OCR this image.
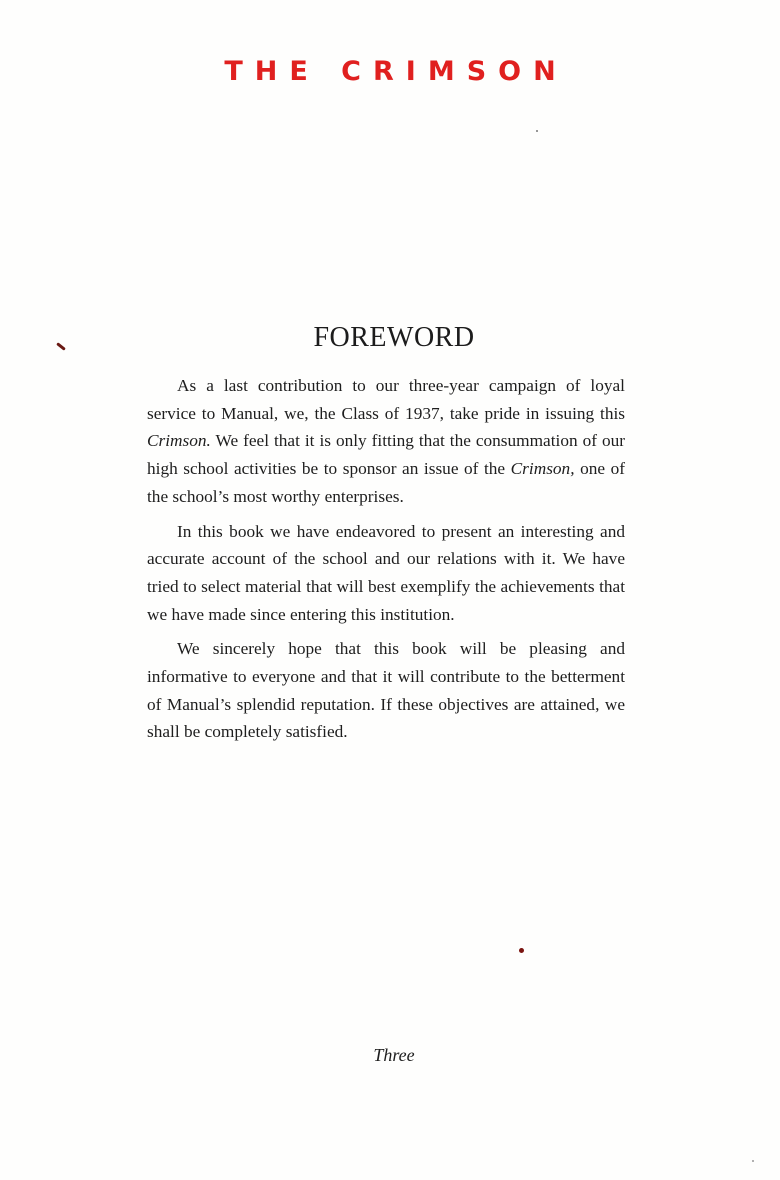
THE CRIMSON
FOREWORD

As a last contribution to our three-year campaign of loyal service to Manual, we, the Class of 1937, take pride in issuing this Crimson. We feel that it is only fitting that the consummation of our high school activities be to sponsor an issue of the Crimson, one of the school’s most worthy enterprises.

In this book we have endeavored to present an interesting and accurate account of the school and our relations with it. We have tried to select material that will best exemplify the achievements that we have made since entering this institution.

We sincerely hope that this book will be pleasing and informative to everyone and that it will contribute to the betterment of Manual’s splendid reputation. If these objectives are attained, we shall be completely satisfied.

Three
